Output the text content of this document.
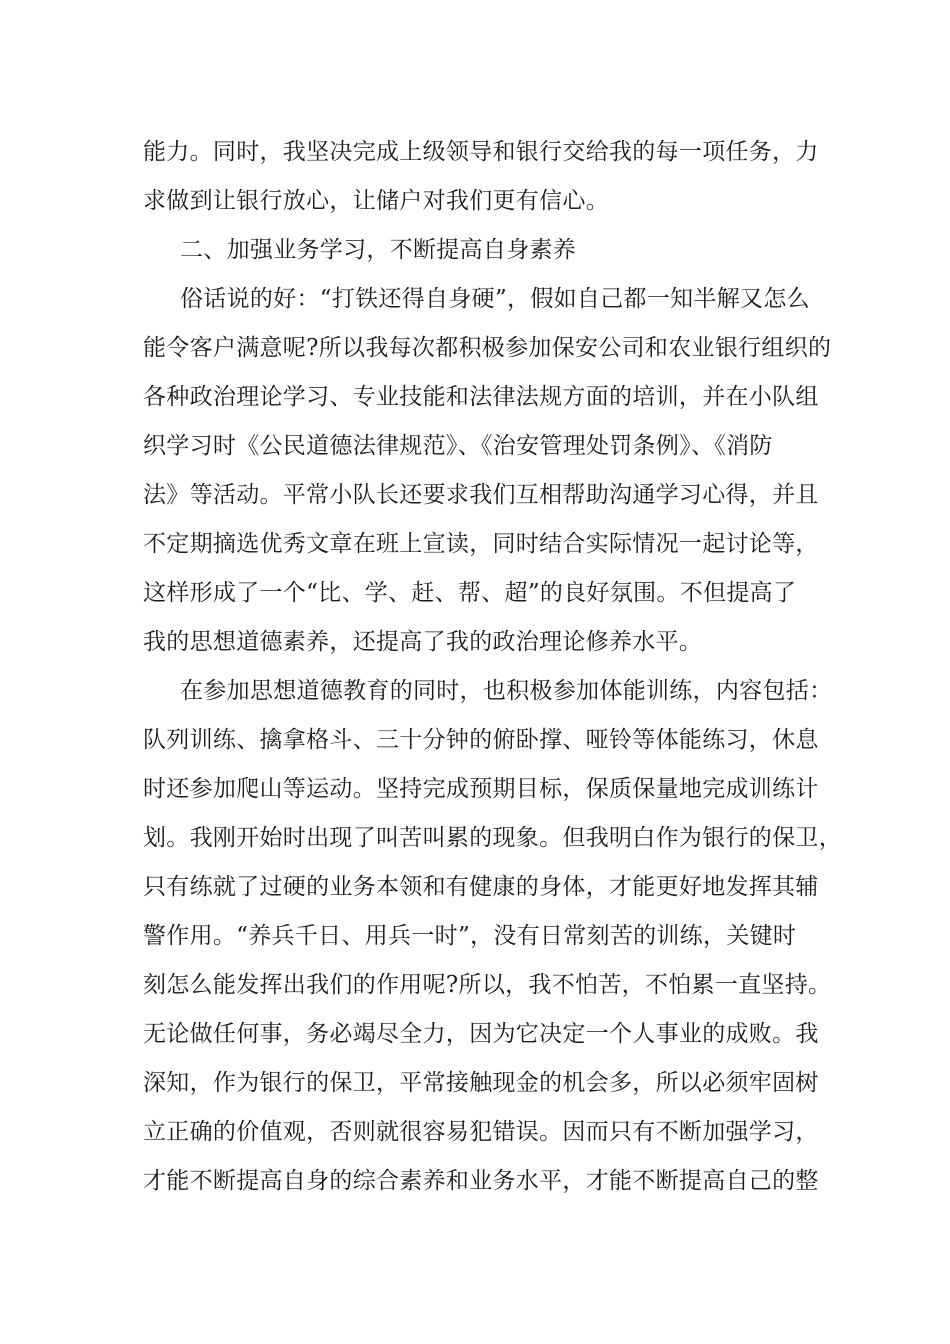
能力。同时，我坚决完成上级领导和银行交给我的每一项任务，力
求做到让银行放心，让储户对我们更有信心。
二、加强业务学习，不断提高自身素养
俗话说的好：“打铁还得自身硬”，假如自己都一知半解又怎么
能令客户满意呢?所以我每次都积极参加保安公司和农业银行组织的
各种政治理论学习、专业技能和法律法规方面的培训，并在小队组
织学习时《公民道德法律规范》、《治安管理处罚条例》、《消防
法》等活动。平常小队长还要求我们互相帮助沟通学习心得，并且
不定期摘选优秀文章在班上宣读，同时结合实际情况一起讨论等，
这样形成了一个“比、学、赶、帮、超”的良好氛围。不但提高了
我的思想道德素养，还提高了我的政治理论修养水平。
在参加思想道德教育的同时，也积极参加体能训练，内容包括：
队列训练、擒拿格斗、三十分钟的俯卧撑、哑铃等体能练习，休息
时还参加爬山等运动。坚持完成预期目标，保质保量地完成训练计
划。我刚开始时出现了叫苦叫累的现象。但我明白作为银行的保卫，
只有练就了过硬的业务本领和有健康的身体，才能更好地发挥其辅
警作用。“养兵千日、用兵一时”，没有日常刻苦的训练，关键时
刻怎么能发挥出我们的作用呢?所以，我不怕苦，不怕累一直坚持。
无论做任何事，务必竭尽全力，因为它决定一个人事业的成败。我
深知，作为银行的保卫，平常接触现金的机会多，所以必须牢固树
立正确的价值观，否则就很容易犯错误。因而只有不断加强学习，
才能不断提高自身的综合素养和业务水平，才能不断提高自己的整
